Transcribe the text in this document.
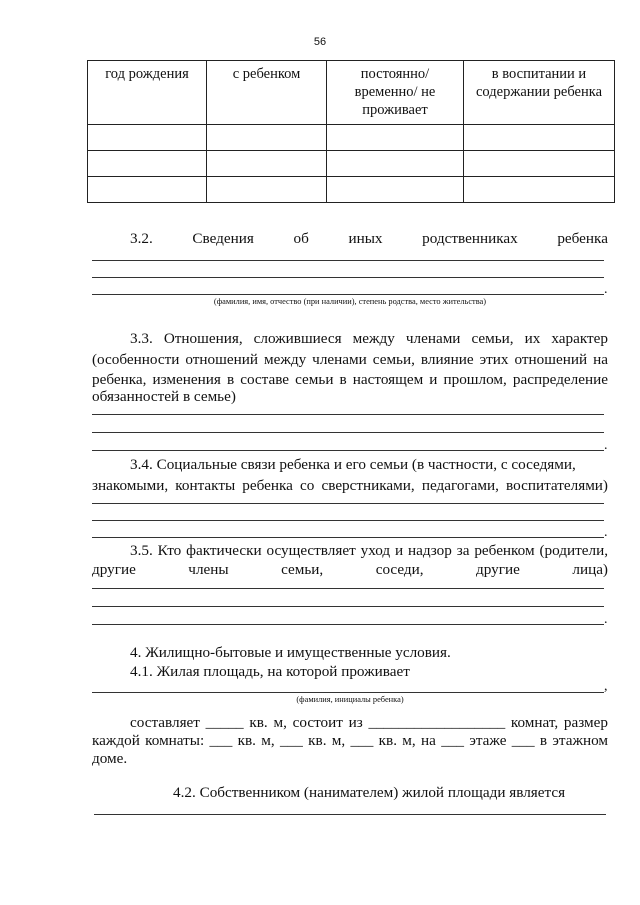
56
год рождения	с ребенком	постоянно/ временно/ не проживает	в воспитании и содержании ребенка

3.2.	Сведения	об	иных	родственниках	ребенка
.
(фамилия, имя, отчество (при наличии), степень родства, место жительства)
3.3. Отношения, сложившиеся между членами семьи, их характер
(особенности отношений между членами семьи, влияние этих отношений на
ребенка, изменения в составе семьи в настоящем и прошлом, распределение
обязанностей в семье)
.
3.4. Социальные связи ребенка и его семьи (в частности, с соседями,
знакомыми, контакты ребенка со сверстниками, педагогами, воспитателями)
.
3.5. Кто фактически осуществляет уход и надзор за ребенком (родители,
другие члены семьи, соседи, другие лица)
.
4. Жилищно-бытовые и имущественные условия.
4.1. Жилая площадь, на которой проживает
,
(фамилия, инициалы ребенка)
составляет _____ кв. м, состоит из __________________ комнат, размер
каждой комнаты: ___ кв. м, ___ кв. м, ___ кв. м, на ___ этаже ___ в этажном
доме.
4.2. Собственником (нанимателем) жилой площади является
